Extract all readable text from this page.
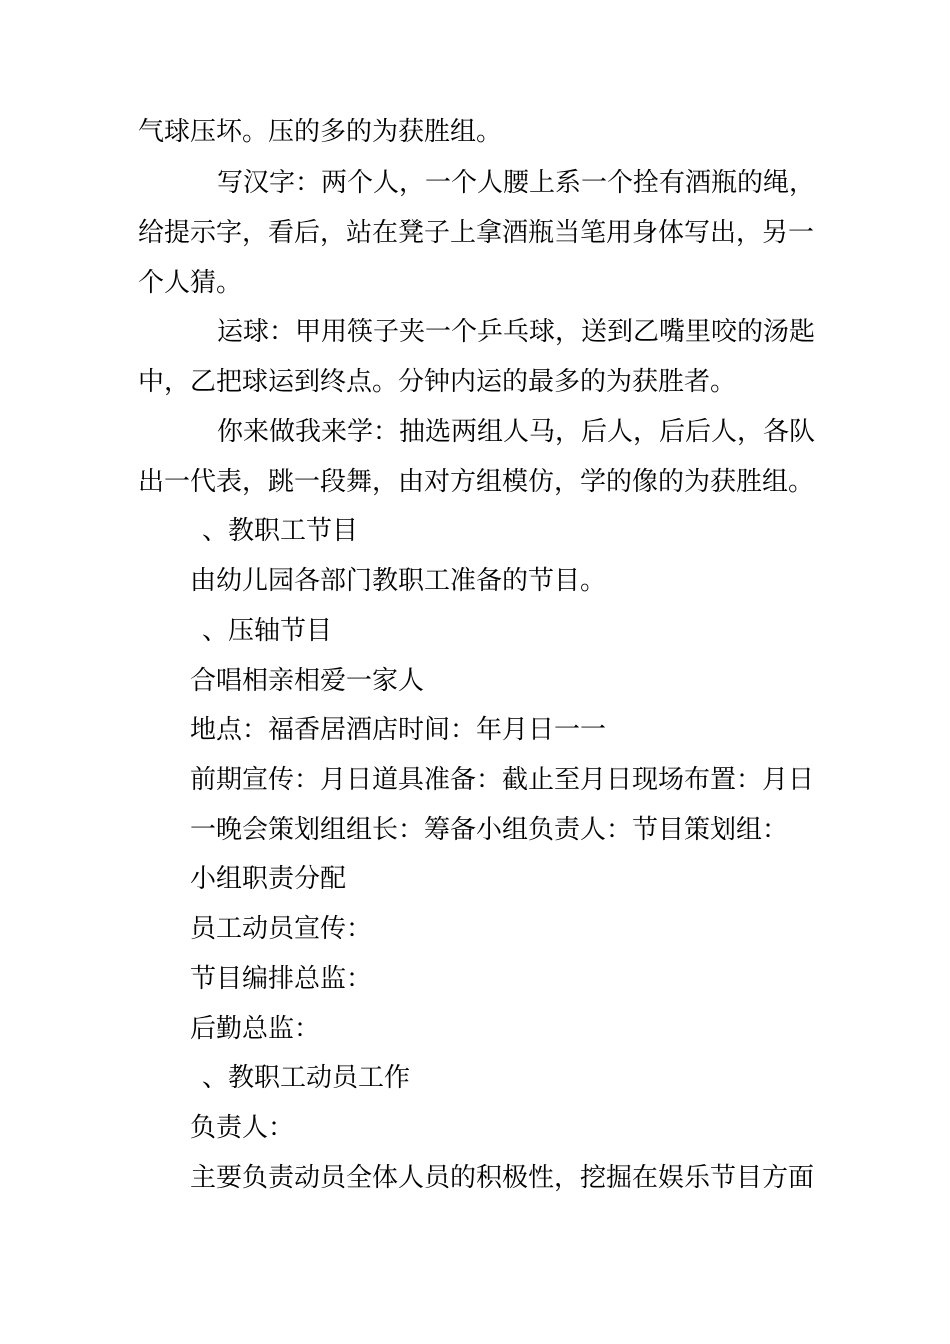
气球压坏。压的多的为获胜组。
写汉字：两个人，一个人腰上系一个拴有酒瓶的绳，
给提示字，看后，站在凳子上拿酒瓶当笔用身体写出，另一
个人猜。
运球：甲用筷子夹一个乒乓球，送到乙嘴里咬的汤匙
中，乙把球运到终点。分钟内运的最多的为获胜者。
你来做我来学：抽选两组人马，后人，后后人，各队
出一代表，跳一段舞，由对方组模仿，学的像的为获胜组。
、教职工节目
由幼儿园各部门教职工准备的节目。
、压轴节目
合唱相亲相爱一家人
地点：福香居酒店时间：年月日一一
前期宣传：月日道具准备：截止至月日现场布置：月日
一晚会策划组组长：筹备小组负责人：节目策划组：
小组职责分配
员工动员宣传：
节目编排总监：
后勤总监：
、教职工动员工作
负责人：
主要负责动员全体人员的积极性，挖掘在娱乐节目方面
